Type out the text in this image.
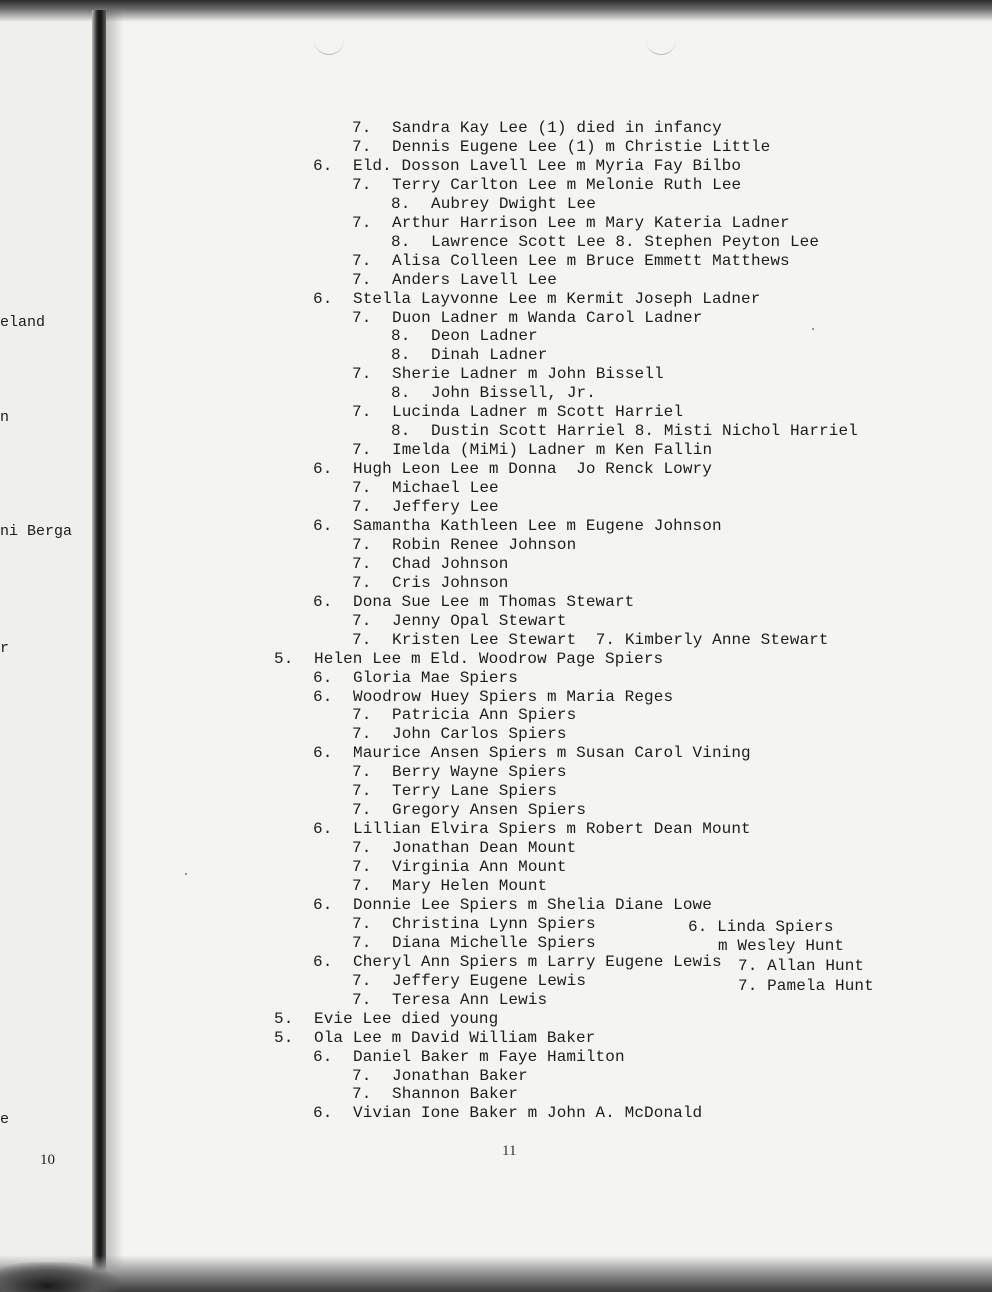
eland
n
ni Berga
r
e
10
7. Sandra Kay Lee (1) died in infancy
7. Dennis Eugene Lee (1) m Christie Little
6. Eld. Dosson Lavell Lee m Myria Fay Bilbo
7. Terry Carlton Lee m Melonie Ruth Lee
8. Aubrey Dwight Lee
7. Arthur Harrison Lee m Mary Kateria Ladner
8. Lawrence Scott Lee 8. Stephen Peyton Lee
7. Alisa Colleen Lee m Bruce Emmett Matthews
7. Anders Lavell Lee
6. Stella Layvonne Lee m Kermit Joseph Ladner
7. Duon Ladner m Wanda Carol Ladner
8. Deon Ladner
8. Dinah Ladner
7. Sherie Ladner m John Bissell
8. John Bissell, Jr.
7. Lucinda Ladner m Scott Harriel
8. Dustin Scott Harriel 8. Misti Nichol Harriel
7. Imelda (MiMi) Ladner m Ken Fallin
6. Hugh Leon Lee m Donna  Jo Renck Lowry
7. Michael Lee
7. Jeffery Lee
6. Samantha Kathleen Lee m Eugene Johnson
7. Robin Renee Johnson
7. Chad Johnson
7. Cris Johnson
6. Dona Sue Lee m Thomas Stewart
7. Jenny Opal Stewart
7. Kristen Lee Stewart  7. Kimberly Anne Stewart
5. Helen Lee m Eld. Woodrow Page Spiers
6. Gloria Mae Spiers
6. Woodrow Huey Spiers m Maria Reges
7. Patricia Ann Spiers
7. John Carlos Spiers
6. Maurice Ansen Spiers m Susan Carol Vining
7. Berry Wayne Spiers
7. Terry Lane Spiers
7. Gregory Ansen Spiers
6. Lillian Elvira Spiers m Robert Dean Mount
7. Jonathan Dean Mount
7. Virginia Ann Mount
7. Mary Helen Mount
6. Donnie Lee Spiers m Shelia Diane Lowe
7. Christina Lynn Spiers
7. Diana Michelle Spiers
6. Cheryl Ann Spiers m Larry Eugene Lewis
7. Jeffery Eugene Lewis
7. Teresa Ann Lewis
5. Evie Lee died young
5. Ola Lee m David William Baker
6. Daniel Baker m Faye Hamilton
7. Jonathan Baker
7. Shannon Baker
6. Vivian Ione Baker m John A. McDonald
6. Linda Spiers
m Wesley Hunt
7. Allan Hunt
7. Pamela Hunt
11
